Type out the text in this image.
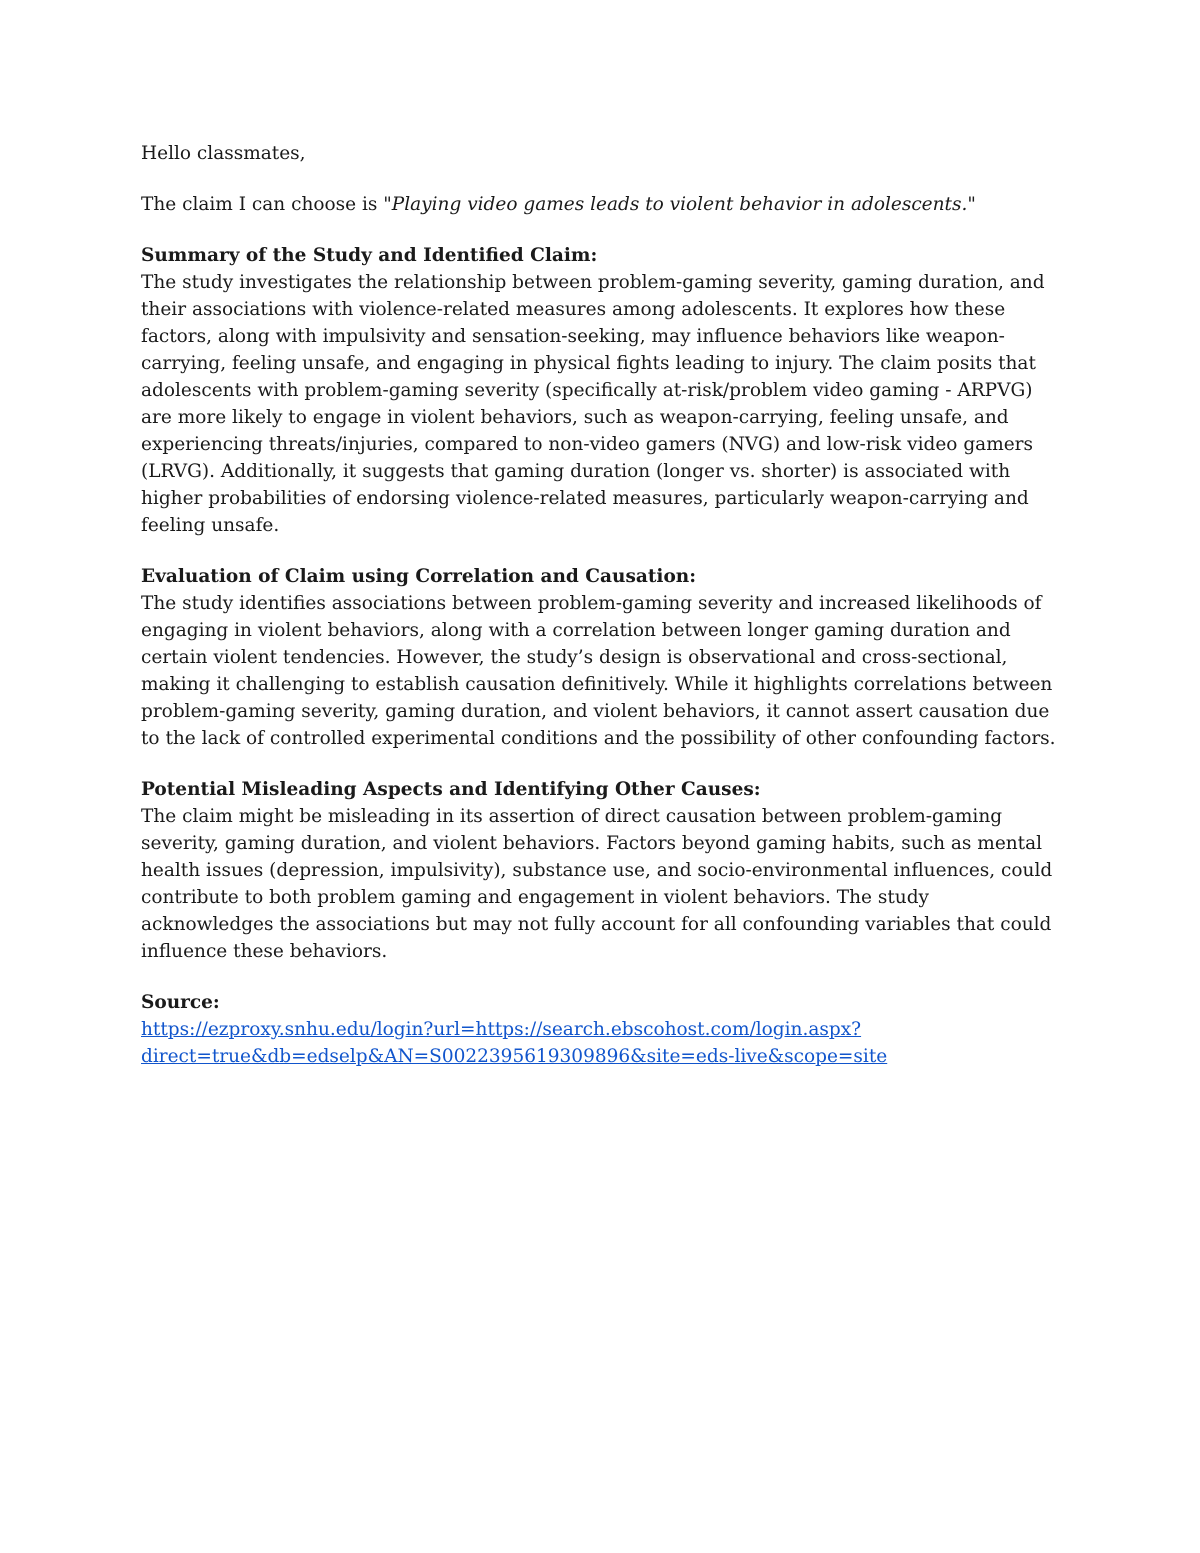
Hello classmates,

The claim I can choose is "Playing video games leads to violent behavior in adolescents."

Summary of the Study and Identified Claim:

The study investigates the relationship between problem-gaming severity, gaming duration, and their associations with violence-related measures among adolescents. It explores how these factors, along with impulsivity and sensation-seeking, may influence behaviors like weapon-carrying, feeling unsafe, and engaging in physical fights leading to injury. The claim posits that adolescents with problem-gaming severity (specifically at-risk/problem video gaming - ARPVG) are more likely to engage in violent behaviors, such as weapon-carrying, feeling unsafe, and experiencing threats/injuries, compared to non-video gamers (NVG) and low-risk video gamers (LRVG). Additionally, it suggests that gaming duration (longer vs. shorter) is associated with higher probabilities of endorsing violence-related measures, particularly weapon-carrying and feeling unsafe.

Evaluation of Claim using Correlation and Causation:

The study identifies associations between problem-gaming severity and increased likelihoods of engaging in violent behaviors, along with a correlation between longer gaming duration and certain violent tendencies. However, the study’s design is observational and cross-sectional, making it challenging to establish causation definitively. While it highlights correlations between problem-gaming severity, gaming duration, and violent behaviors, it cannot assert causation due to the lack of controlled experimental conditions and the possibility of other confounding factors.

Potential Misleading Aspects and Identifying Other Causes:

The claim might be misleading in its assertion of direct causation between problem-gaming severity, gaming duration, and violent behaviors. Factors beyond gaming habits, such as mental health issues (depression, impulsivity), substance use, and socio-environmental influences, could contribute to both problem gaming and engagement in violent behaviors. The study acknowledges the associations but may not fully account for all confounding variables that could influence these behaviors.

Source:

https://ezproxy.snhu.edu/login?url=https://search.ebscohost.com/login.aspx?
direct=true&db=edselp&AN=S0022395619309896&site=eds-live&scope=site
